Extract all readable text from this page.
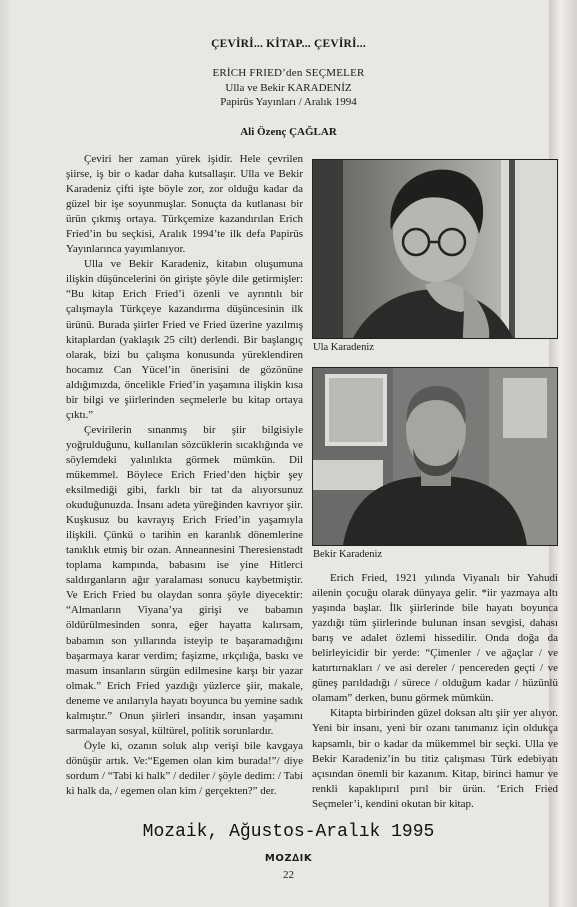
ÇEVİRİ... KİTAP... ÇEVİRİ...
ERİCH FRIED’den SEÇMELER
Ulla ve Bekir KARADENİZ
Papirüs Yayınları / Aralık 1994
Ali Özenç ÇAĞLAR

Çeviri her zaman yürek işidir. Hele çevrilen şiirse, iş bir o kadar daha kutsallaşır. Ulla ve Bekir Karadeniz çifti işte böyle zor, zor olduğu kadar da güzel bir işe soyunmuşlar. Sonuçta da kutlanası bir ürün çıkmış ortaya. Türkçemize kazandırılan Erich Fried’in bu seçkisi, Aralık 1994’te ilk defa Papirüs Yayınlarınca yayımlanıyor.

Ulla ve Bekir Karadeniz, kitabın oluşumuna ilişkin düşüncelerini ön girişte şöyle dile getirmişler: “Bu kitap Erich Fried’i özenli ve ayrıntılı bir çalışmayla Türkçeye kazandırma düşüncesinin ilk ürünü. Burada şiirler Fried ve Fried üzerine yazılmış kitaplardan (yaklaşık 25 cilt) derlendi. Bir başlangıç olarak, bizi bu çalışma konusunda yüreklendiren hocamız Can Yücel’in önerisini de gözönüne aldığımızda, öncelikle Fried’in yaşamına ilişkin kısa bir bilgi ve şiirlerinden seçmelerle bu kitap ortaya çıktı.”

Çevirilerin sınanmış bir şiir bilgisiyle yoğrulduğunu, kullanılan sözcüklerin sıcaklığında ve söylemdeki yalınlıkta görmek mümkün. Dil mükemmel. Böylece Erich Fried’den hiçbir şey eksilmediği gibi, farklı bir tat da alıyorsunuz okuduğunuzda. İnsanı adeta yüreğinden kavrıyor şiir. Kuşkusuz bu kavrayış Erich Fried’in yaşamıyla ilişkili. Çünkü o tarihin en karanlık dönemlerine tanıklık etmiş bir ozan. Anneannesini Theresienstadt toplama kampında, babasını ise yine Hitlerci saldırganların ağır yaralaması sonucu kaybetmiştir. Ve Erich Fried bu olaydan sonra şöyle diyecektir: “Almanların Viyana’ya girişi ve babamın öldürülmesinden sonra, eğer hayatta kalırsam, babamın son yıllarında isteyip te başaramadığını başarmaya karar verdim; faşizme, ırkçılığa, baskı ve masum insanların sürgün edilmesine karşı bir yazar olmak.” Erich Fried yazdığı yüzlerce şiir, makale, deneme ve anılarıyla hayatı boyunca bu yemine sadık kalmıştır.” Onun şiirleri insandır, insan yaşamını sarmalayan sosyal, kültürel, politik sorunlardır.

Öyle ki, ozanın soluk alıp verişi bile kavgaya dönüşür artık. Ve:“Egemen olan kim burada!”/ diye sordum / “Tabi ki halk” / dediler / şöyle dedim: / Tabi ki halk da, / egemen olan kim / gerçekten?” der.

Ula Karadeniz
Bekir Karadeniz

Erich Fried, 1921 yılında Viyanalı bir Yahudi ailenin çocuğu olarak dünyaya gelir. *iir yazmaya altı yaşında başlar. İlk şiirlerinde bile hayatı boyunca yazdığı tüm şiirlerinde bulunan insan sevgisi, dahası barış ve adalet özlemi hissedilir. Onda doğa da belirleyicidir bir yerde: “Çimenler / ve ağaçlar / ve katırtırnakları / ve asi dereler / pencereden geçti / ve güneş parıldadığı / sürece / olduğum kadar / hüzünlü olamam” derken, bunu görmek mümkün.

Kitapta birbirinden güzel doksan altı şiir yer alıyor. Yeni bir insanı, yeni bir ozanı tanımanız için oldukça kapsamlı, bir o kadar da mükemmel bir seçki. Ulla ve Bekir Karadeniz’in bu titiz çalışması Türk edebiyatı açısından önemli bir kazanım. Kitap, birinci hamur ve renkli kapaklıpırıl pırıl bir ürün. ‘Erich Fried Seçmeler’i, kendini okutan bir kitap.

Mozaik, Ağustos-Aralık 1995
MOZ∆IK
22
